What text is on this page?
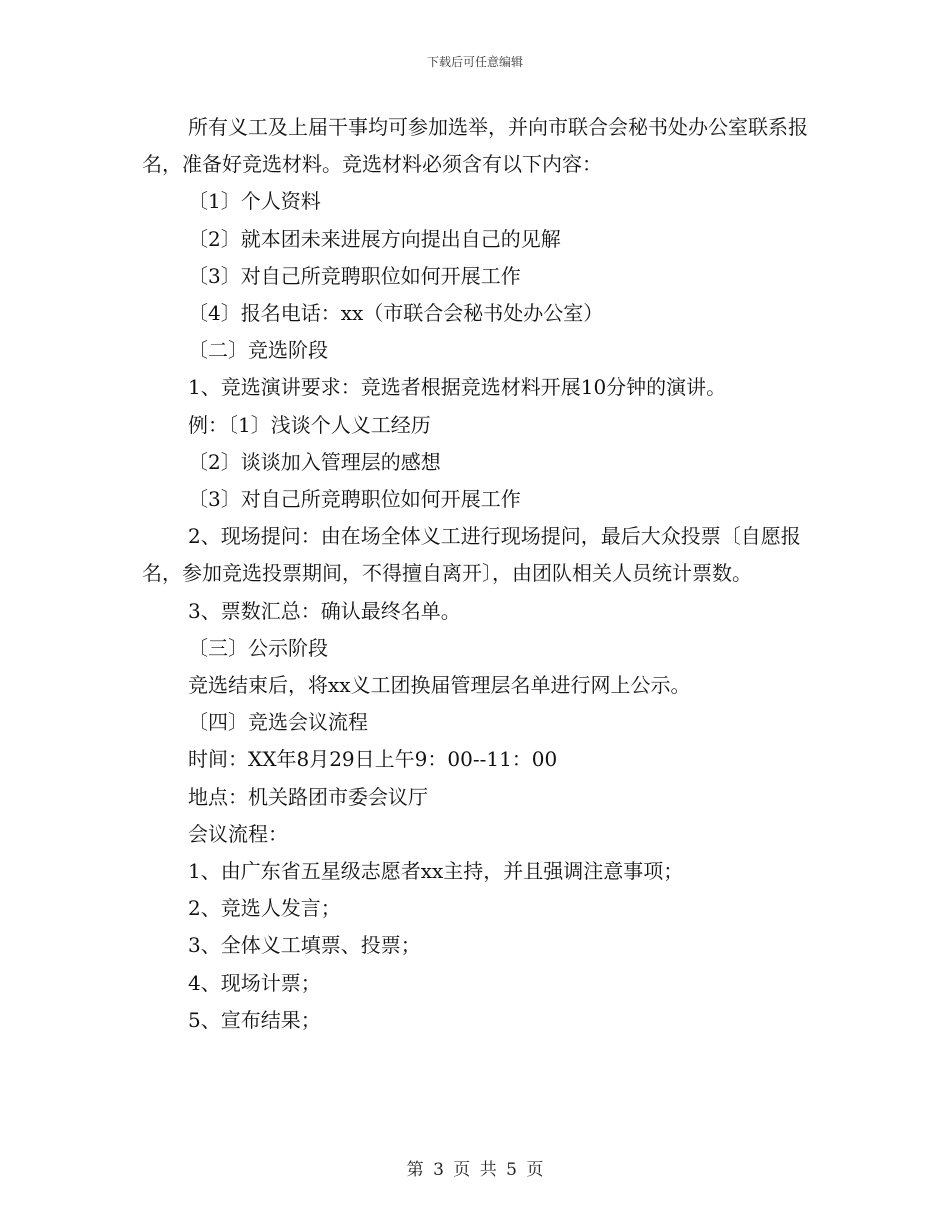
下载后可任意编辑

所有义工及上届干事均可参加选举，并向市联合会秘书处办公室联系报名，准备好竞选材料。竞选材料必须含有以下内容：

〔1〕个人资料

〔2〕就本团未来进展方向提出自己的见解

〔3〕对自己所竞聘职位如何开展工作

〔4〕报名电话：xx（市联合会秘书处办公室）

〔二〕竞选阶段

1、竞选演讲要求：竞选者根据竞选材料开展10分钟的演讲。

例：〔1〕浅谈个人义工经历

〔2〕谈谈加入管理层的感想

〔3〕对自己所竞聘职位如何开展工作

2、现场提问：由在场全体义工进行现场提问，最后大众投票〔自愿报名，参加竞选投票期间，不得擅自离开〕，由团队相关人员统计票数。

3、票数汇总：确认最终名单。

〔三〕公示阶段

竞选结束后，将xx义工团换届管理层名单进行网上公示。

〔四〕竞选会议流程

时间：XX年8月29日上午9：00--11：00

地点：机关路团市委会议厅

会议流程：

1、由广东省五星级志愿者xx主持，并且强调注意事项；

2、竞选人发言；

3、全体义工填票、投票；

4、现场计票；

5、宣布结果；

第 3 页 共 5 页
